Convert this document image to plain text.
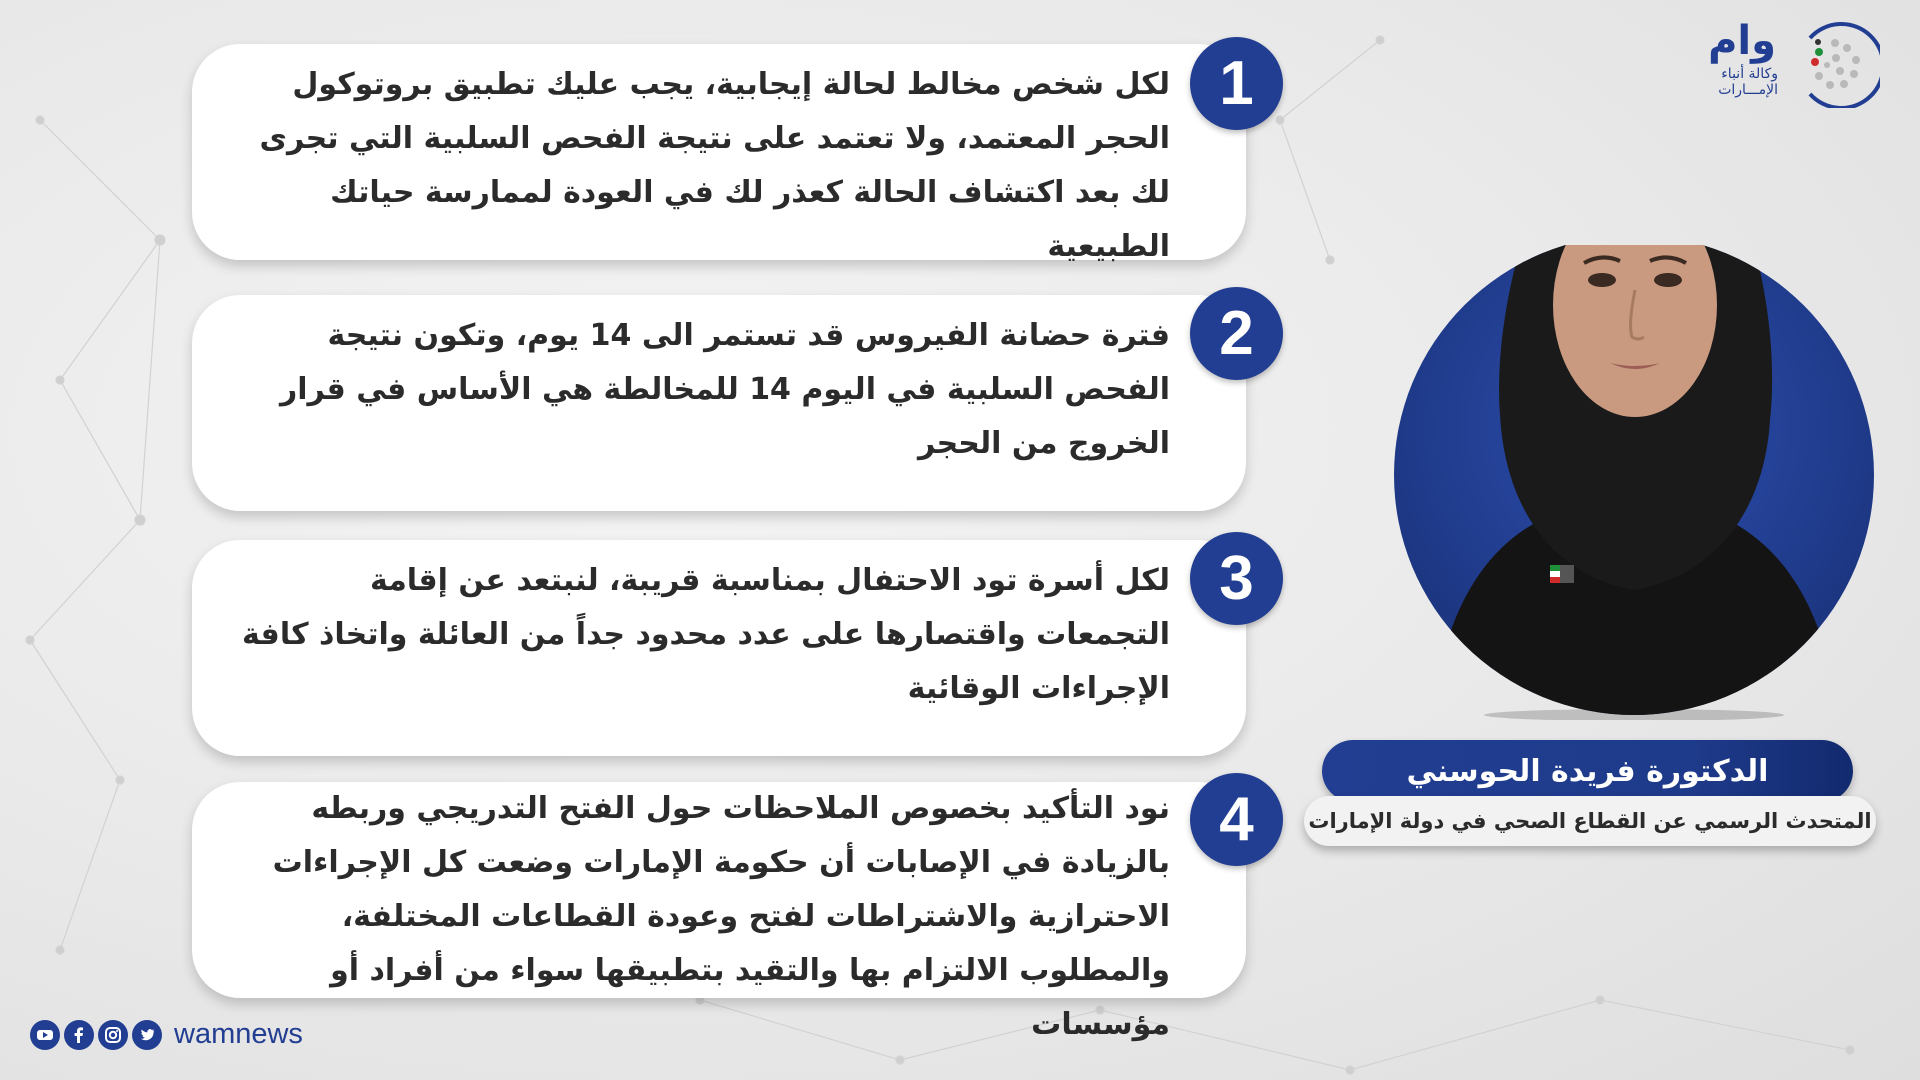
وام
وكالة أنباء
الإمـــارات
لكل شخص مخالط لحالة إيجابية، يجب عليك تطبيق بروتوكول الحجر المعتمد، ولا تعتمد على نتيجة الفحص السلبية التي تجرى لك بعد اكتشاف الحالة كعذر لك في العودة لممارسة حياتك الطبيعية
1
فترة حضانة الفيروس قد تستمر الى 14 يوم، وتكون نتيجة الفحص السلبية في اليوم 14 للمخالطة هي الأساس في قرار الخروج من الحجر
2
لكل أسرة تود الاحتفال بمناسبة قريبة، لنبتعد عن إقامة التجمعات واقتصارها على عدد محدود جداً من العائلة واتخاذ كافة الإجراءات الوقائية
3
نود التأكيد بخصوص الملاحظات حول الفتح التدريجي وربطه بالزيادة في الإصابات أن حكومة الإمارات وضعت كل الإجراءات الاحترازية والاشتراطات لفتح وعودة القطاعات المختلفة، والمطلوب الالتزام بها والتقيد بتطبيقها سواء من أفراد أو مؤسسات
4
الدكتورة فريدة الحوسني
المتحدث الرسمي عن القطاع الصحي في دولة الإمارات
wamnews
